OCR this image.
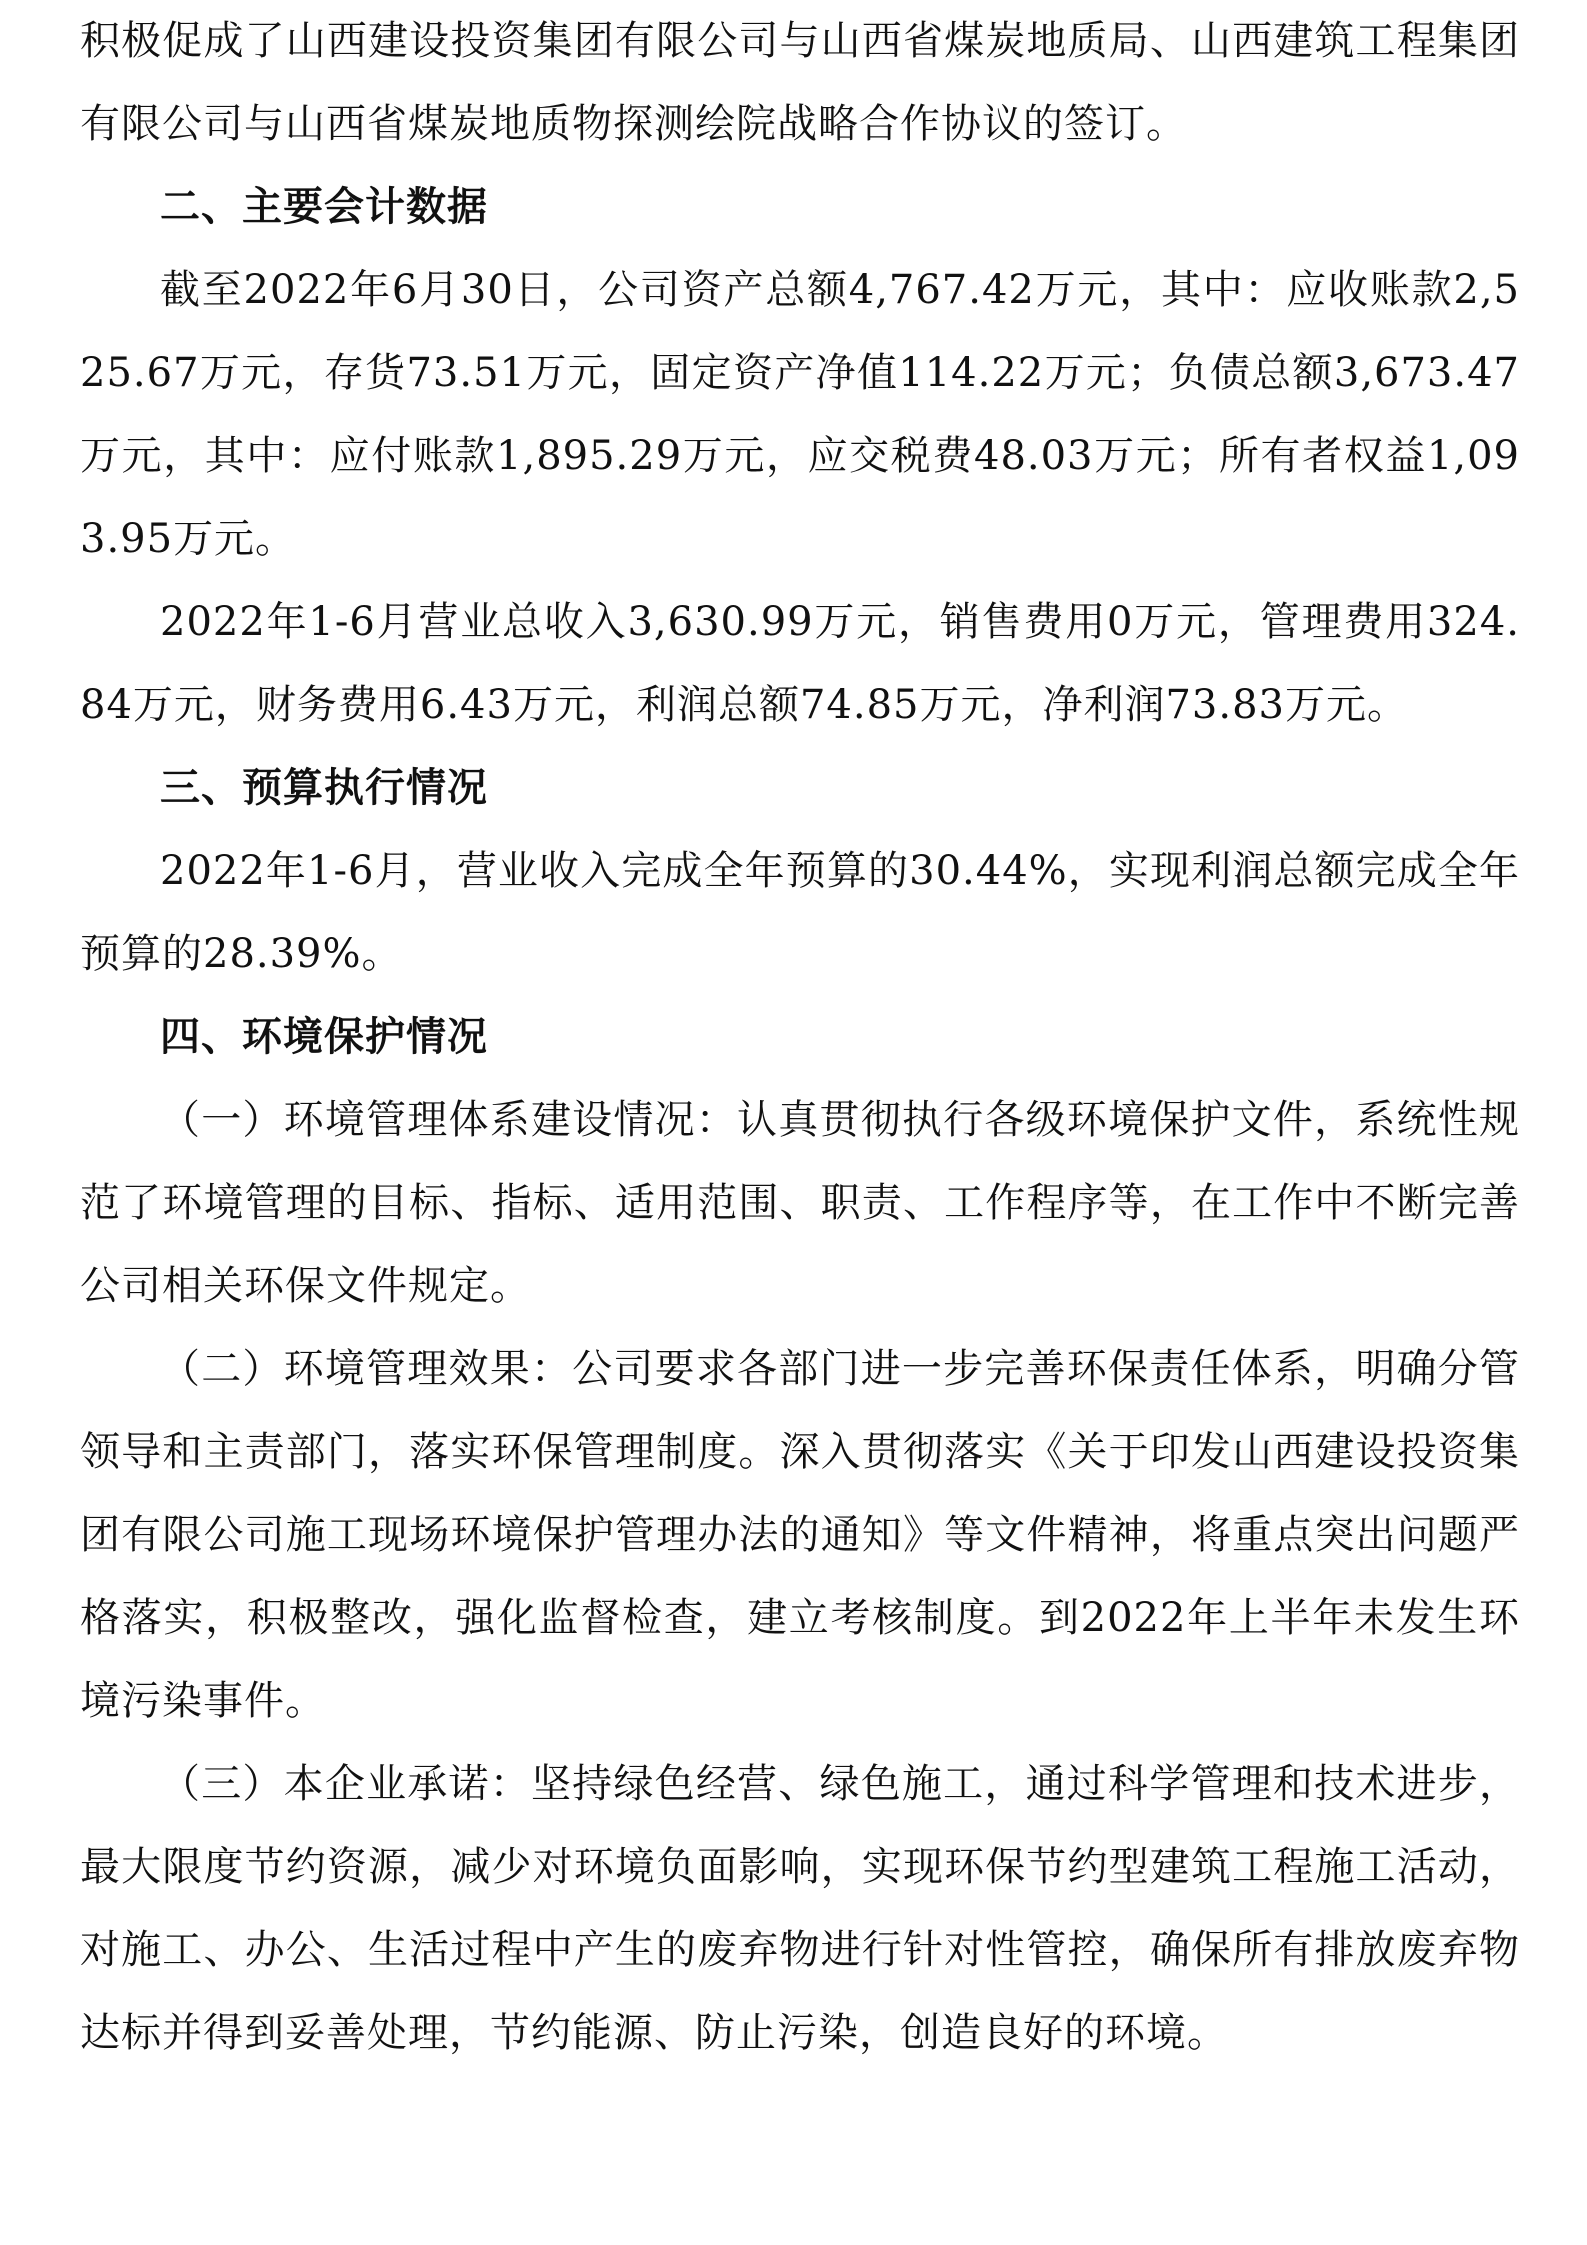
积极促成了山西建设投资集团有限公司与山西省煤炭地质局、山西建筑工程集团有限公司与山西省煤炭地质物探测绘院战略合作协议的签订。

二、主要会计数据

截至2022年6月30日，公司资产总额4,767.42万元，其中：应收账款2,525.67万元，存货73.51万元，固定资产净值114.22万元；负债总额3,673.47万元，其中：应付账款1,895.29万元，应交税费48.03万元；所有者权益1,093.95万元。

2022年1-6月营业总收入3,630.99万元，销售费用0万元，管理费用324.84万元，财务费用6.43万元，利润总额74.85万元，净利润73.83万元。

三、预算执行情况

2022年1-6月，营业收入完成全年预算的30.44%，实现利润总额完成全年预算的28.39%。

四、环境保护情况

（一）环境管理体系建设情况：认真贯彻执行各级环境保护文件，系统性规范了环境管理的目标、指标、适用范围、职责、工作程序等，在工作中不断完善公司相关环保文件规定。

（二）环境管理效果：公司要求各部门进一步完善环保责任体系，明确分管领导和主责部门，落实环保管理制度。深入贯彻落实《关于印发山西建设投资集团有限公司施工现场环境保护管理办法的通知》等文件精神，将重点突出问题严格落实，积极整改，强化监督检查，建立考核制度。到2022年上半年未发生环境污染事件。

（三）本企业承诺：坚持绿色经营、绿色施工，通过科学管理和技术进步，最大限度节约资源，减少对环境负面影响，实现环保节约型建筑工程施工活动，对施工、办公、生活过程中产生的废弃物进行针对性管控，确保所有排放废弃物达标并得到妥善处理，节约能源、防止污染，创造良好的环境。
